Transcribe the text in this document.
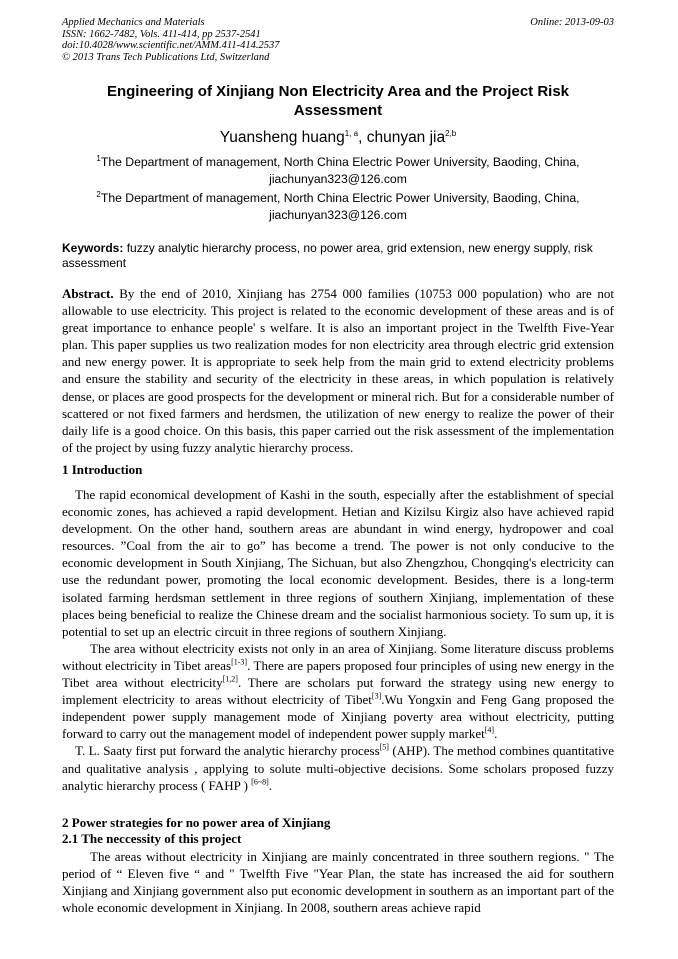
Applied Mechanics and Materials
ISSN: 1662-7482, Vols. 411-414, pp 2537-2541
doi:10.4028/www.scientific.net/AMM.411-414.2537
© 2013 Trans Tech Publications Ltd, Switzerland
Online: 2013-09-03
Engineering of Xinjiang Non Electricity Area and the Project Risk Assessment
Yuansheng huang$^{1, a}$, chunyan jia$^{2,b}$
$^1$The Department of management, North China Electric Power University, Baoding, China,
jiachunyan323@126.com
$^2$The Department of management, North China Electric Power University, Baoding, China,
jiachunyan323@126.com
Keywords: fuzzy analytic hierarchy process, no power area, grid extension, new energy supply, risk assessment

Abstract. By the end of 2010, Xinjiang has 2754 000 families (10753 000 population) who are not allowable to use electricity. This project is related to the economic development of these areas and is of great importance to enhance people' s welfare. It is also an important project in the Twelfth Five-Year plan. This paper supplies us two realization modes for non electricity area through electric grid extension and new energy power. It is appropriate to seek help from the main grid to extend electricity problems and ensure the stability and security of the electricity in these areas, in which population is relatively dense, or places are good prospects for the development or mineral rich. But for a considerable number of scattered or not fixed farmers and herdsmen, the utilization of new energy to realize the power of their daily life is a good choice. On this basis, this paper carried out the risk assessment of the implementation of the project by using fuzzy analytic hierarchy process.

1 Introduction

The rapid economical development of Kashi in the south, especially after the establishment of special economic zones, has achieved a rapid development. Hetian and Kizilsu Kirgiz also have achieved rapid development. On the other hand, southern areas are abundant in wind energy, hydropower and coal resources. ”Coal from the air to go” has become a trend. The power is not only conducive to the economic development in South Xinjiang, The Sichuan, but also Zhengzhou, Chongqing's electricity can use the redundant power, promoting the local economic development. Besides, there is a long-term isolated farming herdsman settlement in three regions of southern Xinjiang, implementation of these places being beneficial to realize the Chinese dream and the socialist harmonious society. To sum up, it is potential to set up an electric circuit in three regions of southern Xinjiang.

The area without electricity exists not only in an area of Xinjiang. Some literature discuss problems without electricity in Tibet areas[1-3]. There are papers proposed four principles of using new energy in the Tibet area without electricity[1,2]. There are scholars put forward the strategy using new energy to implement electricity to areas without electricity of Tibet[3].Wu Yongxin and Feng Gang proposed the independent power supply management mode of Xinjiang poverty area without electricity, putting forward to carry out the management model of independent power supply market[4].

T. L. Saaty first put forward the analytic hierarchy process[5] (AHP). The method combines quantitative and qualitative analysis , applying to solute multi-objective decisions. Some scholars proposed fuzzy analytic hierarchy process ( FAHP ) [6~8].

2 Power strategies for no power area of Xinjiang
2.1 The neccessity of this project

The areas without electricity in Xinjiang are mainly concentrated in three southern regions. " The period of “ Eleven five “ and " Twelfth Five "Year Plan, the state has increased the aid for southern Xinjiang and Xinjiang government also put economic development in southern as an important part of the whole economic development in Xinjiang. In 2008, southern areas achieve rapid
